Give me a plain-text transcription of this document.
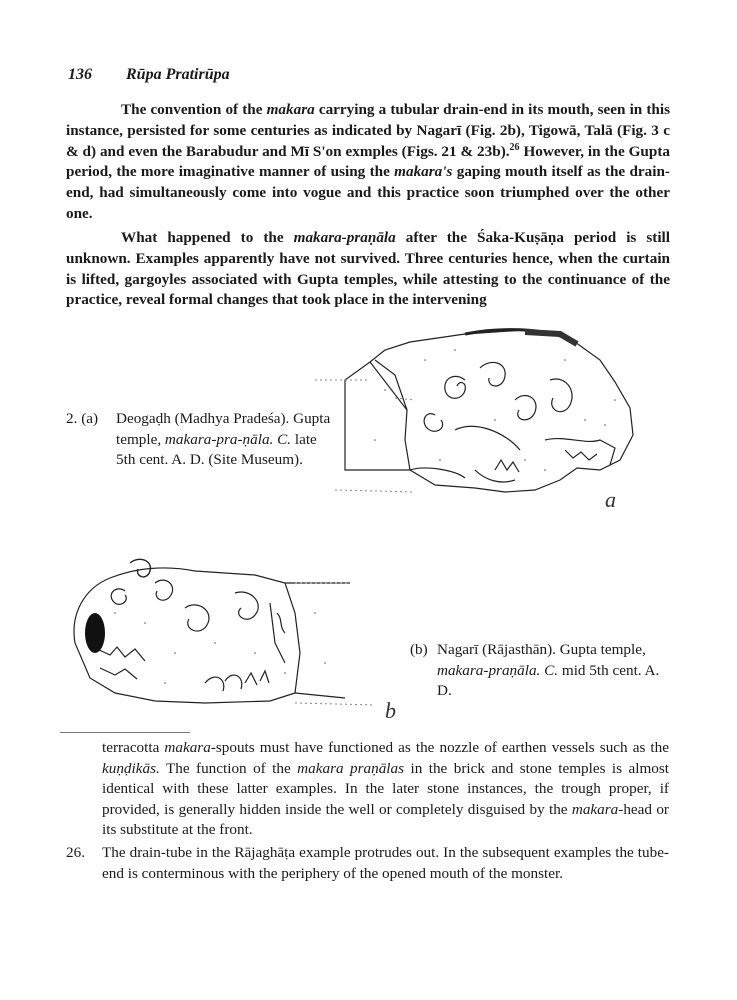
136 Rūpa Pratirūpa

The convention of the makara carrying a tubular drain-end in its mouth, seen in this instance, persisted for some centuries as indicated by Nagarī (Fig. 2b), Tigowā, Talā (Fig. 3 c & d) and even the Barabudur and Mī S'on exmples (Figs. 21 & 23b).$^{26}$ However, in the Gupta period, the more imaginative manner of using the makara's gaping mouth itself as the drain-end, had simultaneously come into vogue and this practice soon triumphed over the other one.

What happened to the makara-praṇāla after the Śaka-Kuṣāṇa period is still unknown. Examples apparently have not survived. Three centuries hence, when the curtain is lifted, gargoyles associated with Gupta temples, while attesting to the continuance of the practice, reveal formal changes that took place in the intervening

a
2. (a) Deogaḍh (Madhya Pradeśa). Gupta temple, makara-pra-ṇāla. C. late 5th cent. A. D. (Site Museum).
b
(b) Nagarī (Rājasthān). Gupta temple, makara-praṇāla. C. mid 5th cent. A. D.

terracotta makara-spouts must have functioned as the nozzle of earthen vessels such as the kuṇḍikās. The function of the makara praṇālas in the brick and stone temples is almost identical with these latter examples. In the later stone instances, the trough proper, if provided, is generally hidden inside the well or completely disguised by the makara-head or its substitute at the front.

26. The drain-tube in the Rājaghāṭa example protrudes out. In the subsequent examples the tube-end is conterminous with the periphery of the opened mouth of the monster.
